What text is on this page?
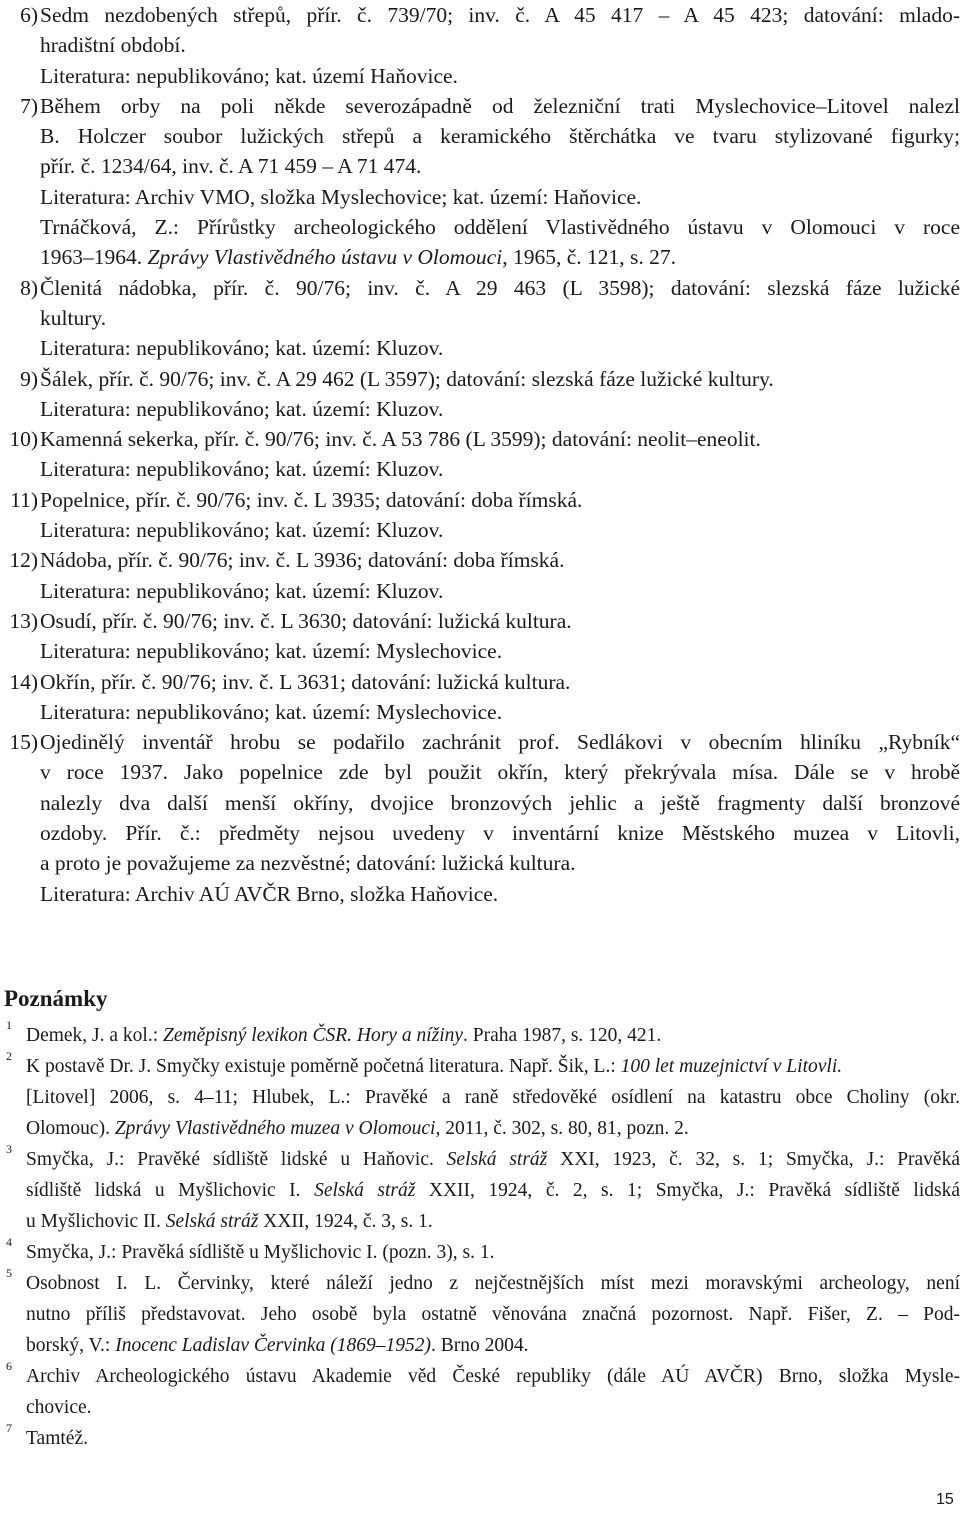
6) Sedm nezdobených střepů, přír. č. 739/70; inv. č. A 45 417 – A 45 423; datování: mlado-
hradištní období.
Literatura: nepublikováno; kat. území Haňovice.
7) Během orby na poli někde severozápadně od železniční trati Myslechovice–Litovel nalezl
B. Holczer soubor lužických střepů a keramického štěrchátka ve tvaru stylizované figurky;
přír. č. 1234/64, inv. č. A 71 459 – A 71 474.
Literatura: Archiv VMO, složka Myslechovice; kat. území: Haňovice.
Trnáčková, Z.: Přírůstky archeologického oddělení Vlastivědného ústavu v Olomouci v roce
1963–1964. Zprávy Vlastivědného ústavu v Olomouci, 1965, č. 121, s. 27.
8) Členitá nádobka, přír. č. 90/76; inv. č. A 29 463 (L 3598); datování: slezská fáze lužické
kultury.
Literatura: nepublikováno; kat. území: Kluzov.
9) Šálek, přír. č. 90/76; inv. č. A 29 462 (L 3597); datování: slezská fáze lužické kultury.
Literatura: nepublikováno; kat. území: Kluzov.
10) Kamenná sekerka, přír. č. 90/76; inv. č. A 53 786 (L 3599); datování: neolit–eneolit.
Literatura: nepublikováno; kat. území: Kluzov.
11) Popelnice, přír. č. 90/76; inv. č. L 3935; datování: doba římská.
Literatura: nepublikováno; kat. území: Kluzov.
12) Nádoba, přír. č. 90/76; inv. č. L 3936; datování: doba římská.
Literatura: nepublikováno; kat. území: Kluzov.
13) Osudí, přír. č. 90/76; inv. č. L 3630; datování: lužická kultura.
Literatura: nepublikováno; kat. území: Myslechovice.
14) Okřín, přír. č. 90/76; inv. č. L 3631; datování: lužická kultura.
Literatura: nepublikováno; kat. území: Myslechovice.
15) Ojedinělý inventář hrobu se podařilo zachránit prof. Sedlákovi v obecním hliníku „Rybník“
v roce 1937. Jako popelnice zde byl použit okřín, který překrývala mísa. Dále se v hrobě
nalezly dva další menší okříny, dvojice bronzových jehlic a ještě fragmenty další bronzové
ozdoby. Přír. č.: předměty nejsou uvedeny v inventární knize Městského muzea v Litovli,
a proto je považujeme za nezvěstné; datování: lužická kultura.
Literatura: Archiv AÚ AVČR Brno, složka Haňovice.
Poznámky
1 Demek, J. a kol.: Zeměpisný lexikon ČSR. Hory a nížiny. Praha 1987, s. 120, 421.
2 K postavě Dr. J. Smyčky existuje poměrně početná literatura. Např. Šik, L.: 100 let muzejnictví v Litovli.
[Litovel] 2006, s. 4–11; Hlubek, L.: Pravěké a raně středověké osídlení na katastru obce Choliny (okr.
Olomouc). Zprávy Vlastivědného muzea v Olomouci, 2011, č. 302, s. 80, 81, pozn. 2.
3 Smyčka, J.: Pravěké sídliště lidské u Haňovic. Selská stráž XXI, 1923, č. 32, s. 1; Smyčka, J.: Pravěká
sídliště lidská u Myšlichovic I. Selská stráž XXII, 1924, č. 2, s. 1; Smyčka, J.: Pravěká sídliště lidská
u Myšlichovic II. Selská stráž XXII, 1924, č. 3, s. 1.
4 Smyčka, J.: Pravěká sídliště u Myšlichovic I. (pozn. 3), s. 1.
5 Osobnost I. L. Červinky, které náleží jedno z nejčestnějších míst mezi moravskými archeology, není
nutno příliš představovat. Jeho osobě byla ostatně věnována značná pozornost. Např. Fišer, Z. – Pod-
borský, V.: Inocenc Ladislav Červinka (1869–1952). Brno 2004.
6 Archiv Archeologického ústavu Akademie věd České republiky (dále AÚ AVČR) Brno, složka Mysle-
chovice.
7 Tamtéž.
15
